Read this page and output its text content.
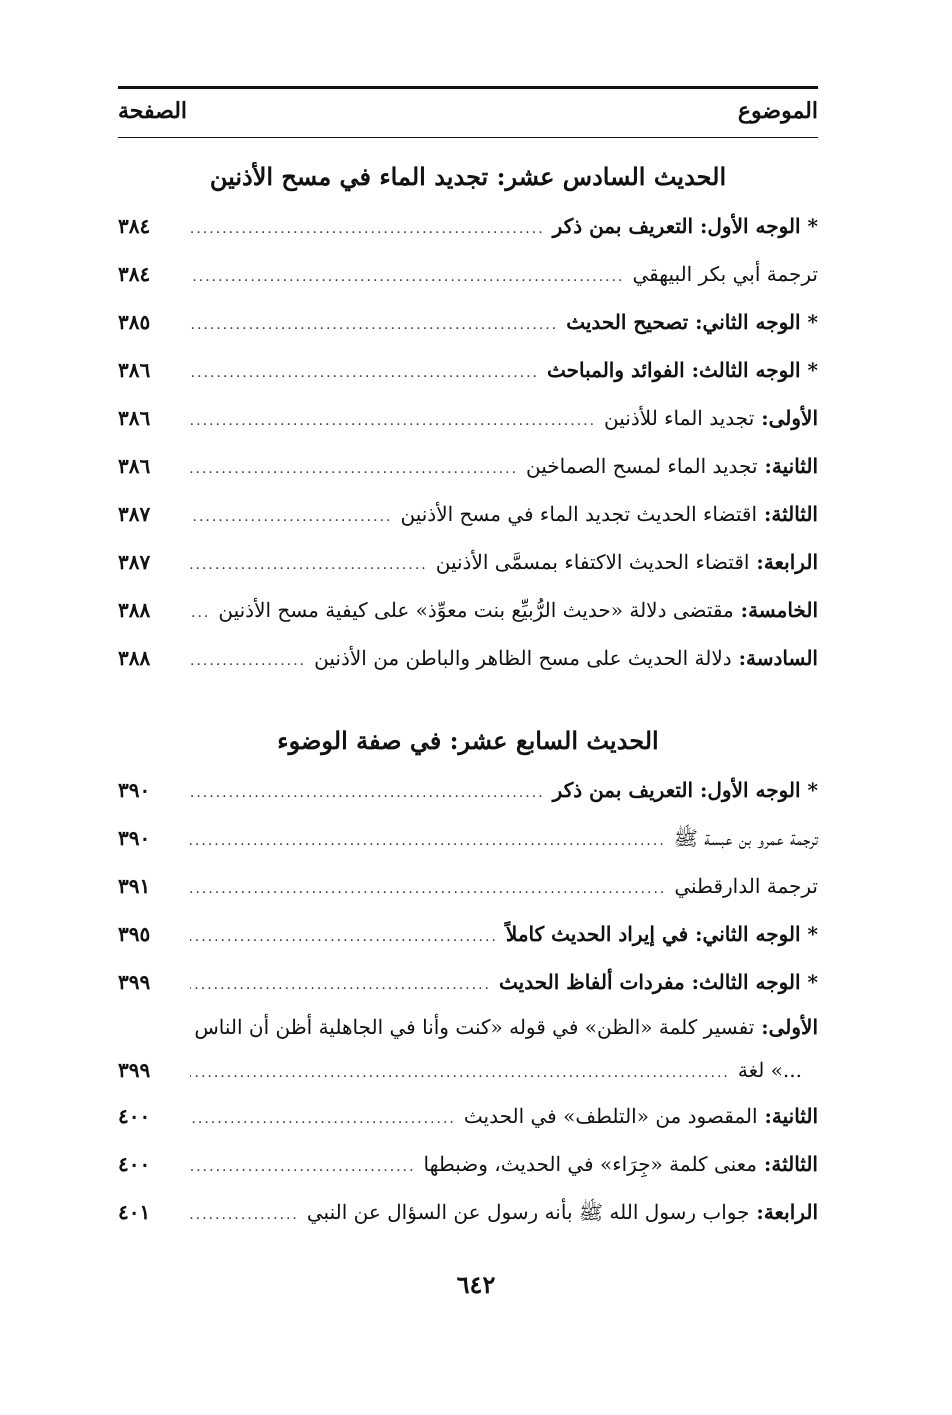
الموضوع
الصفحة
الحديث السادس عشر: تجديد الماء في مسح الأذنين
* الوجه الأول: التعريف بمن ذكر
.....
٣٨٤
ترجمة أبي بكر البيهقي
.....
٣٨٤
* الوجه الثاني: تصحيح الحديث
.....
٣٨٥
* الوجه الثالث: الفوائد والمباحث
.....
٣٨٦
الأولى: تجديد الماء للأذنين
.....
٣٨٦
الثانية: تجديد الماء لمسح الصماخين
.....
٣٨٦
الثالثة: اقتضاء الحديث تجديد الماء في مسح الأذنين
.....
٣٨٧
الرابعة: اقتضاء الحديث الاكتفاء بمسمَّى الأذنين
.....
٣٨٧
الخامسة: مقتضى دلالة «حديث الرُّبيِّع بنت معوِّذ» على كيفية مسح الأذنين
.....
٣٨٨
السادسة: دلالة الحديث على مسح الظاهر والباطن من الأذنين
.....
٣٨٨
الحديث السابع عشر: في صفة الوضوء
* الوجه الأول: التعريف بمن ذكر
.....
٣٩٠
ترجمة عمرو بن عبسة ﷺ
.....
٣٩٠
ترجمة الدارقطني
.....
٣٩١
* الوجه الثاني: في إيراد الحديث كاملاً
.....
٣٩٥
* الوجه الثالث: مفردات ألفاظ الحديث
.....
٣٩٩
الأولى: تفسير كلمة «الظن» في قوله «كنت وأنا في الجاهلية أظن أن الناس
...» لغة
.....
٣٩٩
الثانية: المقصود من «التلطف» في الحديث
.....
٤٠٠
الثالثة: معنى كلمة «جِرَاء» في الحديث، وضبطها
.....
٤٠٠
الرابعة: جواب رسول الله ﷺ بأنه رسول عن السؤال عن النبي
.....
٤٠١
٦٤٢
